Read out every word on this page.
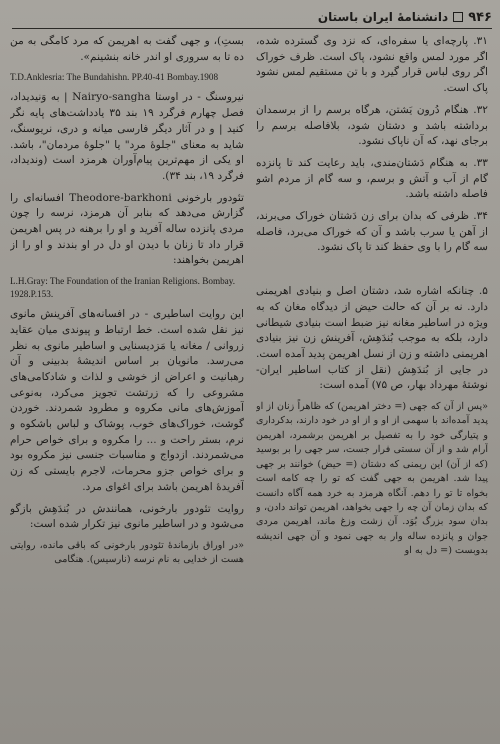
۹۴۶
دانشنامهٔ ایران باستان

۳۱. پارچه‌ای یا سفره‌ای، که نزد وی گسترده شده، اگر مورد لمس واقع نشود، پاک است. ظرف خوراک اگر روی لباس قرار گیرد و با تن مستقیم لمس نشود پاک است.

۳۲. هنگام دُرون یَشتن، هرگاه برسم را از برسمدان برداشته باشد و دشتان شود، بلافاصله برسم را برجای نهد، که آن ناپاک نشود.

۳۳. به هنگام دَشتان‌مندی، باید رعایت کند تا پانزده گام از آب و آتش و برسم، و سه گام از مردم اشو فاصله داشته باشد.

۳۴. ظرفی که بدان برای زن دَشتان خوراک می‌برند، از آهن یا سرب باشد و آن که خوراک می‌برد، فاصله سه گام را با وی حفظ کند تا پاک نشود.

۵. چنانکه اشاره شد، دشتان اصل و بنیادی اهریمنی دارد. نه بر آن که حالت حیض از دیدگاه مغان که به ویژه در اساطیر مغانه نیز ضبط است بنیادی شیطانی دارد، بلکه به موجب بُندَهِش، آفرینش زن نیز بنیادی اهریمنی داشته و زن از نسل اهریمن پدید آمده است. در جایی از بُندَهِش (نقل از کتاب اساطیر ایران- نوشتهٔ مهرداد بهار، ص ۷۵) آمده است:

«پس از آن که جهی (= دختر اهریمن) که ظاهراً زنان از او پدید آمده‌اند با سهمی از او و از او در خود دارند، بدکرداری و پتیارگی خود را به تفصیل بر اهریمن برشمرد، اهریمن آرام شد و از آن سستی فرار جست، سر جهی را بر بوسید (که از آن) این ریمنی که دشتان (= حیض) خوانند بر جهی پیدا شد. اهریمن به جهی گفت که تو را چه کامه است بخواه تا تو را دهم. آنگاه هرمزد به خرد همه آگاه دانست که بدان زمان آن چه را جهی بخواهد، اهریمن تواند دادن، و بدان سود بزرگ بُوَد. آن زشت وزغ ماند، اهریمن مردی جوان و پانزده ساله وار به جهی نمود و آن جهی اندیشه بدوبست (= دل به او

بستِ)، و جهی گفت به اهریمن که مرد کامگی به من ده تا به سروری او اندر خانه بنشینم».

T.D.Anklesria: The Bundahishn. PP.40-41 Bombay.1908

نیروسنگ - در اوستا Nairyo-sangha | به وَنیدیداد، فصل چهارم فرگرد ۱۹ بند ۳۵ یادداشت‌های پایه نگر کنید | و در آثار دیگر فارسی میانه و دری، نریوسنگ، شاید به معنای "جلوهٔ مرد" یا "جلوهٔ مردمان"، باشد. او یکی از مهم‌ترین پیام‌آوران هرمزد است (وندیداد، فرگرد ۱۹، بند ۳۴).

تئودور بارخونی Theodore-barkhoni افسانه‌ای را گزارش می‌دهد که بنابر آن هرمزد، نرسه را چون مردی پانزده ساله آفرید و او را برهنه در پس اهریمن قرار داد تا زنان با دیدن او دل در او بندند و او را از اهریمن بخواهند:

L.H.Gray: The Foundation of the Iranian Religions. Bombay. 1928.P.153.

این روایت اساطیری - در افسانه‌های آفرینش مانوی نیز نقل شده است. خط ارتباط و پیوندی میان عقاید زروانی / مغانه یا مَزدیسنایی و اساطیر مانوی به نظر می‌رسد. مانویان بر اساس اندیشهٔ بدبینی و آن رهبانیت و اعراض از خوشی و لذات و شادکامی‌های مشروعی را که زرتشت تجویز می‌کرد، به‌نوعی آموزش‌های مانی مکروه و مطرود شمردند. خوردن گوشت، خوراک‌های خوب، پوشاک و لباس باشکوه و نرم، بستر راحت و ... را مکروه و برای خواص حرام می‌شمردند. ازدواج و مناسبات جنسی نیز مکروه بود و برای خواص جزو محرمات، لاجرم بایستی که زن آفریدهٔ اهریمن باشد برای اغوای مرد.

روایت تئودور بارخونی، همانندش در بُندَهِش بازگو می‌شود و در اساطیر مانوی نیز تکرار شده است:

«در اوراق بازماندهٔ تئودور بارخونی که باقی مانده، روایتی هست از خدایی به نام نرسه (نارسیس). هنگامی
